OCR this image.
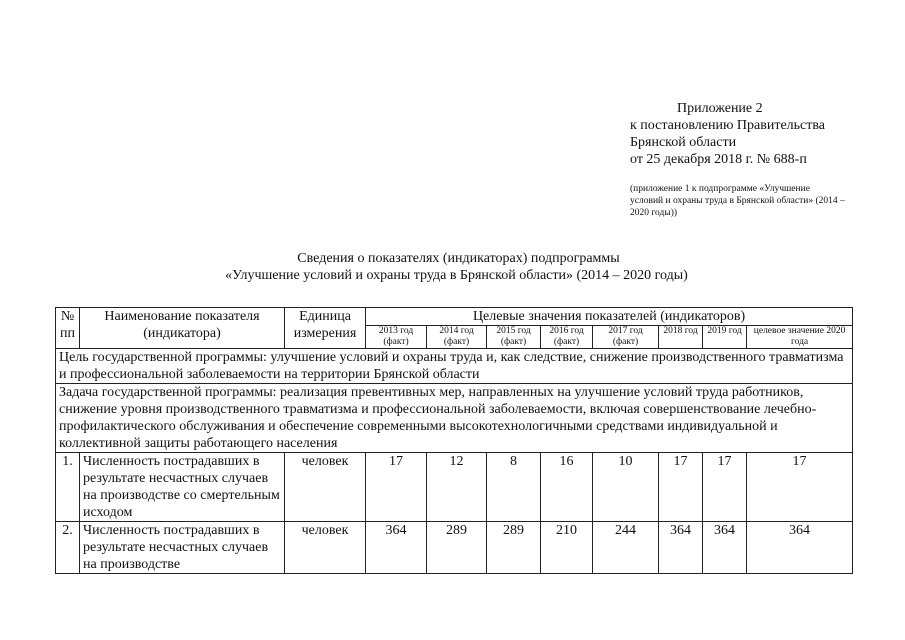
Приложение 2
к постановлению Правительства
Брянской области
от 25 декабря 2018 г. № 688-п
(приложение 1 к подпрограмме «Улучшение условий и охраны труда в Брянской области» (2014 – 2020 годы))
Сведения о показателях (индикаторах) подпрограммы
«Улучшение условий и охраны труда в Брянской области» (2014 – 2020 годы)
№ пп	Наименование показателя (индикатора)	Единица измерения	Целевые значения показателей (индикаторов)							
			2013 год (факт)	2014 год (факт)	2015 год (факт)	2016 год (факт)	2017 год (факт)	2018 год	2019 год	целевое значение 2020 года
Цель государственной программы: улучшение условий и охраны труда и, как следствие, снижение производственного травматизма и профессиональной заболеваемости на территории Брянской области										
Задача государственной программы: реализация превентивных мер, направленных на улучшение условий труда работников, снижение уровня производственного травматизма и профессиональной заболеваемости, включая совершенствование лечебно-профилактического обслуживания и обеспечение современными высокотехнологичными средствами индивидуальной и коллективной защиты работающего населения										
1.	Численность пострадавших в результате несчастных случаев на производстве со смертельным исходом	человек	17	12	8	16	10	17	17	17
2.	Численность пострадавших в результате несчастных случаев на производстве	человек	364	289	289	210	244	364	364	364
